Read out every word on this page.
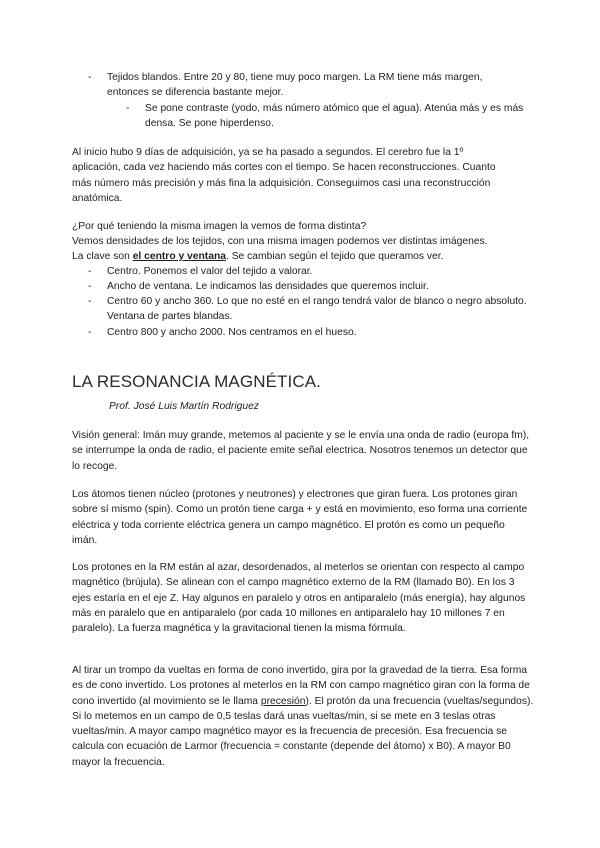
-	Tejidos blandos. Entre 20 y 80, tiene muy poco margen. La RM tiene más margen, entonces se diferencia bastante mejor.
-	Se pone contraste (yodo, más número atómico que el agua). Atenúa más y es más densa. Se pone hiperdenso.
Al inicio hubo 9 días de adquisición, ya se ha pasado a segundos. El cerebro fue la 1º aplicación, cada vez haciendo más cortes con el tiempo. Se hacen reconstrucciones. Cuanto más número más precisión y más fina la adquisición. Conseguimos casi una reconstrucción anatómica.
¿Por qué teniendo la misma imagen la vemos de forma distinta?
Vemos densidades de los tejidos, con una misma imagen podemos ver distintas imágenes.
La clave son el centro y ventana. Se cambian según el tejido que queramos ver.
-	Centro. Ponemos el valor del tejido a valorar.
-	Ancho de ventana. Le indicamos las densidades que queremos incluir.
-	Centro 60 y ancho 360. Lo que no esté en el rango tendrá valor de blanco o negro absoluto. Ventana de partes blandas.
-	Centro 800 y ancho 2000. Nos centramos en el hueso.
LA RESONANCIA MAGNÉTICA.
Prof. José Luis Martín Rodriguez
Visión general: Imán muy grande, metemos al paciente y se le envía una onda de radio (europa fm), se interrumpe la onda de radio, el paciente emite señal electrica. Nosotros tenemos un detector que lo recoge.
Los átomos tienen núcleo (protones y neutrones) y electrones que giran fuera. Los protones giran sobre sí mismo (spin). Como un protón tiene carga + y está en movimiento, eso forma una corriente eléctrica y toda corriente eléctrica genera un campo magnético. El protón es como un pequeño imán.
Los protones en la RM están al azar, desordenados, al meterlos se orientan con respecto al campo magnético (brújula). Se alinean con el campo magnético externo de la RM (llamado B0). En los 3 ejes estaría en el eje Z. Hay algunos en paralelo y otros en antiparalelo (más energía), hay algunos más en paralelo que en antiparalelo (por cada 10 millones en antiparalelo hay 10 millones 7 en paralelo). La fuerza magnética y la gravitacional tienen la misma fórmula.
Al tirar un trompo da vueltas en forma de cono invertido, gira por la gravedad de la tierra. Esa forma es de cono invertido. Los protones al meterlos en la RM con campo magnético giran con la forma de cono invertido (al movimiento se le llama precesión). El protón da una frecuencia (vueltas/segundos). Si lo metemos en un campo de 0,5 teslas dará unas vueltas/min, si se mete en 3 teslas otras vueltas/min. A mayor campo magnético mayor es la frecuencia de precesión. Esa frecuencia se calcula con ecuación de Larmor (frecuencia = constante (depende del átomo) x B0). A mayor B0 mayor la frecuencia.
